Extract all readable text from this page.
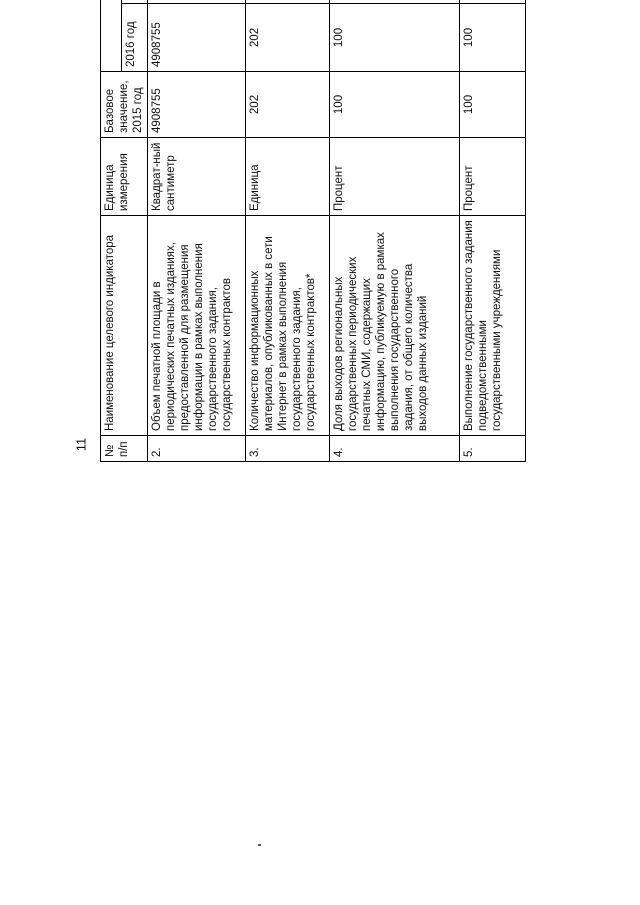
11 № п/п	Наименование целевого индикатора	Единица измерения	Базовое значение, 2015 год	
				2016 год					
2.	Объем печатной площади в периодических печатных изданиях, предоставленной для размещения информации в рамках выполнения государственного задания, государственных контрактов	Квадрат-ный сантиметр	4908755	4908755					
3.	Количество информационных материалов, опубликованных в сети Интернет в рамках выполнения государственного задания, государственных контрактов*	Единица	202	202					
4.	Доля выходов региональных государственных периодических печатных СМИ, содержащих информацию, публикуемую в рамках выполнения государственного задания, от общего количества выходов данных изданий	Процент	100	100					
5.	Выполнение государственного задания подведомственными государственными учреждениями	Процент	100	100					
